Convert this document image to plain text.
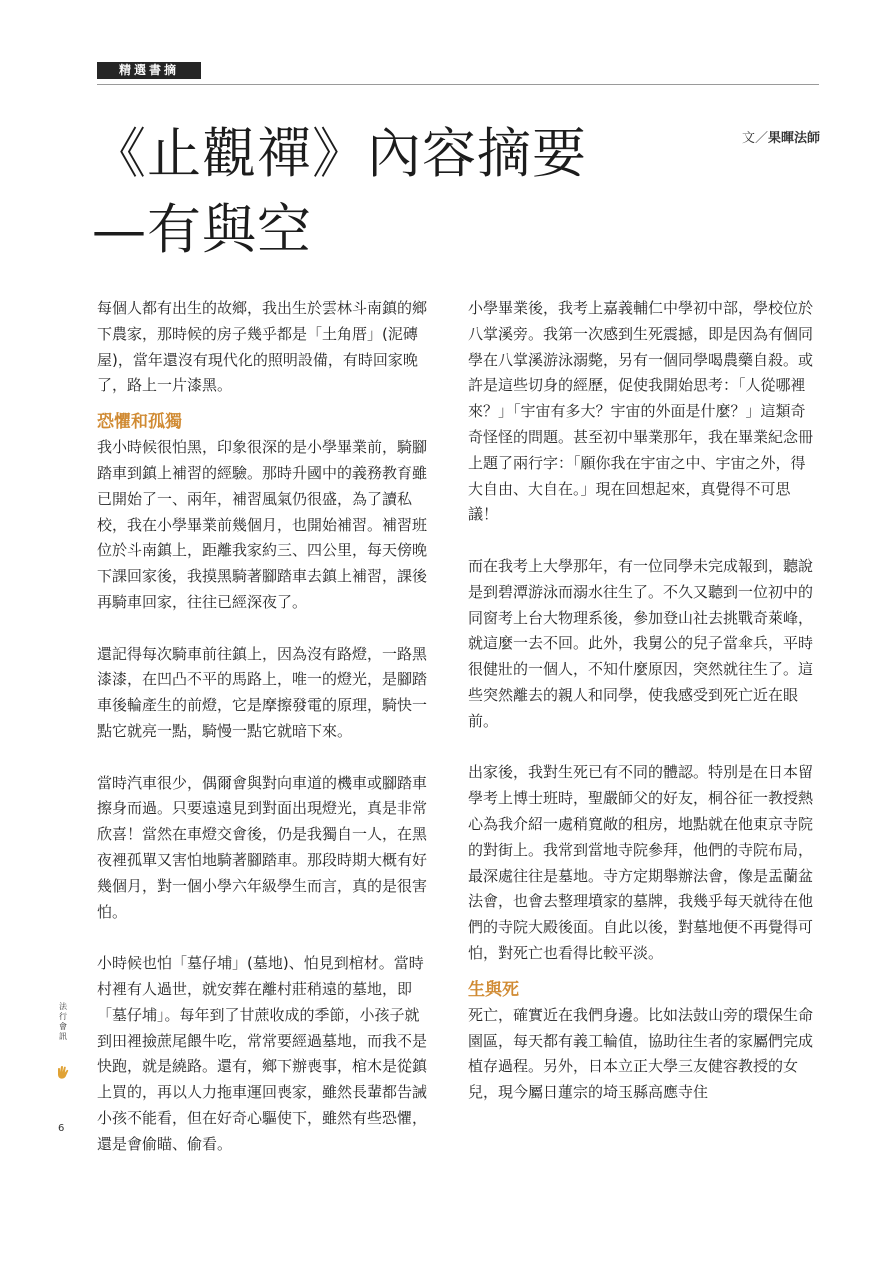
精選書摘
《止觀禪》內容摘要
—有與空
文／果暉法師

每個人都有出生的故鄉，我出生於雲林斗南鎮的鄉下農家，那時候的房子幾乎都是「土角厝」(泥磚屋)，當年還沒有現代化的照明設備，有時回家晚了，路上一片漆黑。

恐懼和孤獨

我小時候很怕黑，印象很深的是小學畢業前，騎腳踏車到鎮上補習的經驗。那時升國中的義務教育雖已開始了一、兩年，補習風氣仍很盛，為了讀私校，我在小學畢業前幾個月，也開始補習。補習班位於斗南鎮上，距離我家約三、四公里，每天傍晚下課回家後，我摸黑騎著腳踏車去鎮上補習，課後再騎車回家，往往已經深夜了。

還記得每次騎車前往鎮上，因為沒有路燈，一路黑漆漆，在凹凸不平的馬路上，唯一的燈光，是腳踏車後輪產生的前燈，它是摩擦發電的原理，騎快一點它就亮一點，騎慢一點它就暗下來。

當時汽車很少，偶爾會與對向車道的機車或腳踏車擦身而過。只要遠遠見到對面出現燈光，真是非常欣喜！當然在車燈交會後，仍是我獨自一人，在黑夜裡孤單又害怕地騎著腳踏車。那段時期大概有好幾個月，對一個小學六年級學生而言，真的是很害怕。

小時候也怕「墓仔埔」(墓地)、怕見到棺材。當時村裡有人過世，就安葬在離村莊稍遠的墓地，即「墓仔埔」。每年到了甘蔗收成的季節，小孩子就到田裡撿蔗尾餵牛吃，常常要經過墓地，而我不是快跑，就是繞路。還有，鄉下辦喪事，棺木是從鎮上買的，再以人力拖車運回喪家，雖然長輩都告誡小孩不能看，但在好奇心驅使下，雖然有些恐懼，還是會偷瞄、偷看。

小學畢業後，我考上嘉義輔仁中學初中部，學校位於八掌溪旁。我第一次感到生死震撼，即是因為有個同學在八掌溪游泳溺斃，另有一個同學喝農藥自殺。或許是這些切身的經歷，促使我開始思考：「人從哪裡來？」「宇宙有多大？宇宙的外面是什麼？」這類奇奇怪怪的問題。甚至初中畢業那年，我在畢業紀念冊上題了兩行字：「願你我在宇宙之中、宇宙之外，得大自由、大自在。」現在回想起來，真覺得不可思議！

而在我考上大學那年，有一位同學未完成報到，聽說是到碧潭游泳而溺水往生了。不久又聽到一位初中的同窗考上台大物理系後，參加登山社去挑戰奇萊峰，就這麼一去不回。此外，我舅公的兒子當傘兵，平時很健壯的一個人，不知什麼原因，突然就往生了。這些突然離去的親人和同學，使我感受到死亡近在眼前。

出家後，我對生死已有不同的體認。特別是在日本留學考上博士班時，聖嚴師父的好友，桐谷征一教授熱心為我介紹一處稍寬敞的租房，地點就在他東京寺院的對街上。我常到當地寺院參拜，他們的寺院布局，最深處往往是墓地。寺方定期舉辦法會，像是盂蘭盆法會，也會去整理墳家的墓牌，我幾乎每天就待在他們的寺院大殿後面。自此以後，對墓地便不再覺得可怕，對死亡也看得比較平淡。

生與死

死亡，確實近在我們身邊。比如法鼓山旁的環保生命園區，每天都有義工輪值，協助往生者的家屬們完成植存過程。另外，日本立正大學三友健容教授的女兒，現今屬日蓮宗的埼玉縣高應寺住

法行會訊
6
